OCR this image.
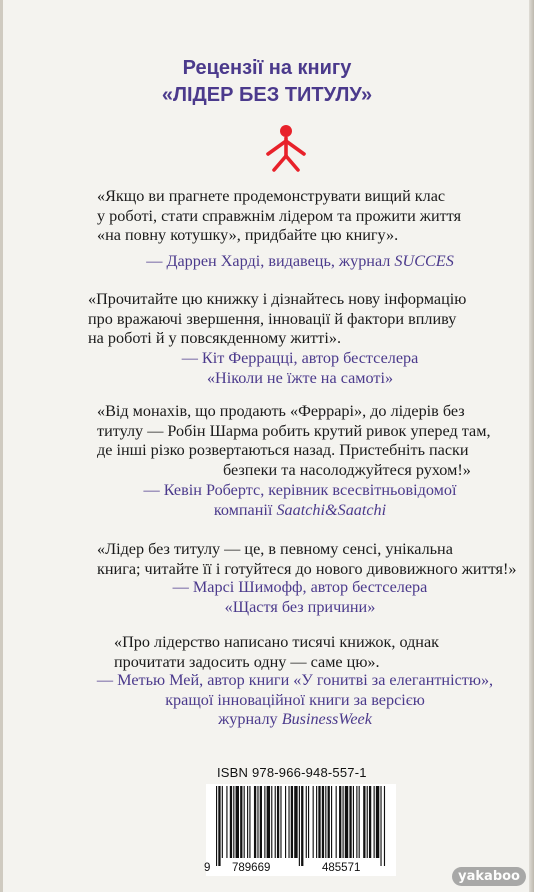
Рецензії на книгу
«ЛІДЕР БЕЗ ТИТУЛУ»

«Якщо ви прагнете продемонструвати вищий клас
у роботі, стати справжнім лідером та прожити життя
«на повну котушку», придбайте цю книгу».

— Даррен Харді, видавець, журнал SUCCES

«Прочитайте цю книжку і дізнайтесь нову інформацію
про вражаючі звершення, інновації й фактори впливу
на роботі й у повсякденному житті».

— Кіт Ферраццi, автор бестселера
«Ніколи не їжте на самоті»

«Від монахів, що продають «Феррарі», до лідерів без
титулу — Робін Шарма робить крутий ривок уперед там,
де інші різко розвертаються назад. Пристебніть паски
безпеки та насолоджуйтеся рухом!»

— Кевін Робертс, керівник всесвітньовідомої
компанії Saatchi&Saatchi

«Лідер без титулу — це, в певному сенсі, унікальна
книга; читайте її і готуйтеся до нового дивовижного життя!»

— Марсі Шимофф, автор бестселера
«Щастя без причини»

«Про лідерство написано тисячі книжок, однак
прочитати задосить одну — саме цю».

— Метью Мей, автор книги «У гонитві за елегантністю»,
кращої інноваційної книги за версією
журналу BusinessWeek

ISBN 978-966-948-557-1
9 789669	485571
yakaboo
